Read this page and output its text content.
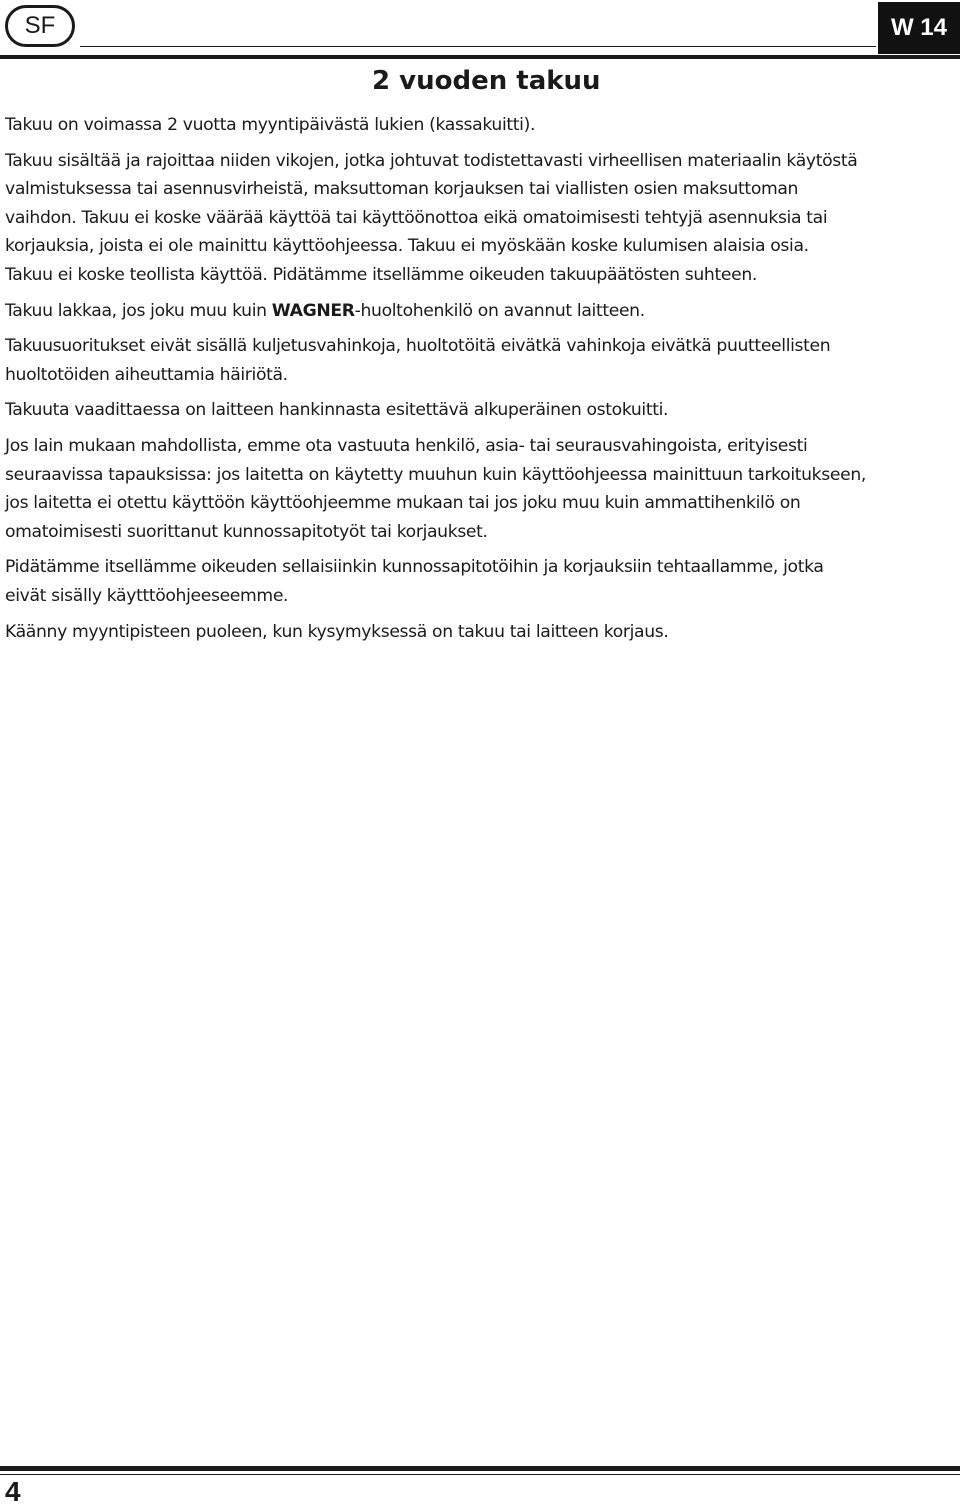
SF	W 14
2 vuoden takuu

Takuu on voimassa 2 vuotta myyntipäivästä lukien (kassakuitti).

Takuu sisältää ja rajoittaa niiden vikojen, jotka johtuvat todistettavasti virheellisen materiaalin käytöstä
valmistuksessa tai asennusvirheistä, maksuttoman korjauksen tai viallisten osien maksuttoman
vaihdon. Takuu ei koske väärää käyttöä tai käyttöönottoa eikä omatoimisesti tehtyjä asennuksia tai
korjauksia, joista ei ole mainittu käyttöohjeessa. Takuu ei myöskään koske kulumisen alaisia osia.
Takuu ei koske teollista käyttöä. Pidätämme itsellämme oikeuden takuupäätösten suhteen.

Takuu lakkaa, jos joku muu kuin WAGNER-huoltohenkilö on avannut laitteen.

Takuusuoritukset eivät sisällä kuljetusvahinkoja, huoltotöitä eivätkä vahinkoja eivätkä puutteellisten
huoltotöiden aiheuttamia häiriötä.

Takuuta vaadittaessa on laitteen hankinnasta esitettävä alkuperäinen ostokuitti.

Jos lain mukaan mahdollista, emme ota vastuuta henkilö, asia- tai seurausvahingoista, erityisesti
seuraavissa tapauksissa: jos laitetta on käytetty muuhun kuin käyttöohjeessa mainittuun tarkoitukseen,
jos laitetta ei otettu käyttöön käyttöohjeemme mukaan tai jos joku muu kuin ammattihenkilö on
omatoimisesti suorittanut kunnossapitotyöt tai korjaukset.

Pidätämme itsellämme oikeuden sellaisiinkin kunnossapitotöihin ja korjauksiin tehtaallamme, jotka
eivät sisälly käytttöohjeeseemme.

Käänny myyntipisteen puoleen, kun kysymyksessä on takuu tai laitteen korjaus.

4
